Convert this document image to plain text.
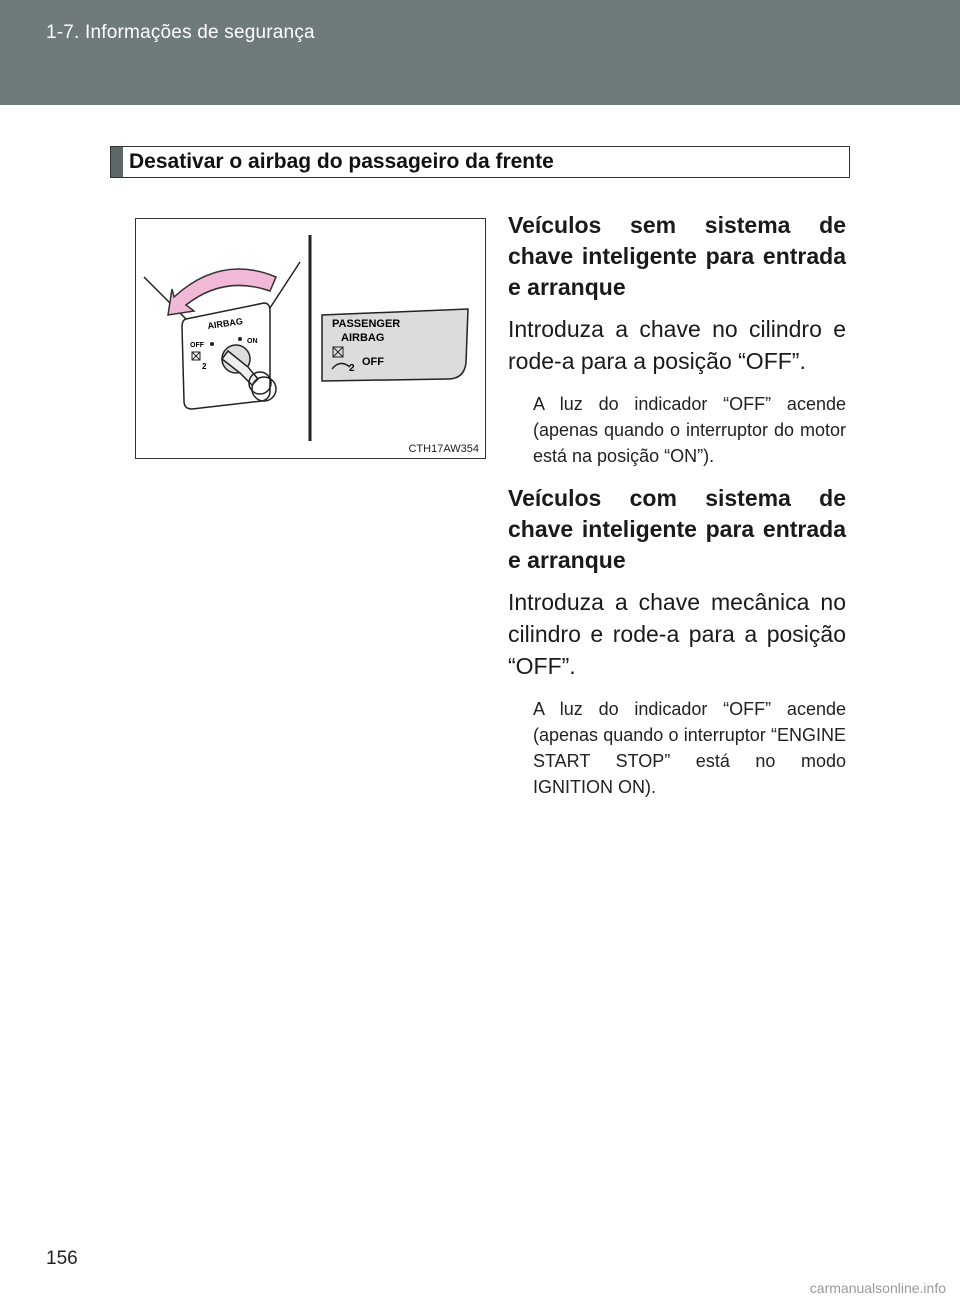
1-7. Informações de segurança
Desativar o airbag do passageiro da frente
AIRBAG
OFF
ON
2
PASSENGER
AIRBAG
2
OFF
CTH17AW354

Veículos sem sistema de chave inteligente para entrada e arranque

Introduza a chave no cilindro e rode-a para a posição “OFF”.

A luz do indicador “OFF” acende (apenas quando o interruptor do motor está na posição “ON”).

Veículos com sistema de chave inteligente para entrada e arranque

Introduza a chave mecânica no cilindro e rode-a para a posição “OFF”.

A luz do indicador “OFF” acende (apenas quando o interruptor “ENGINE START STOP” está no modo IGNITION ON).

156
carmanualsonline.info
